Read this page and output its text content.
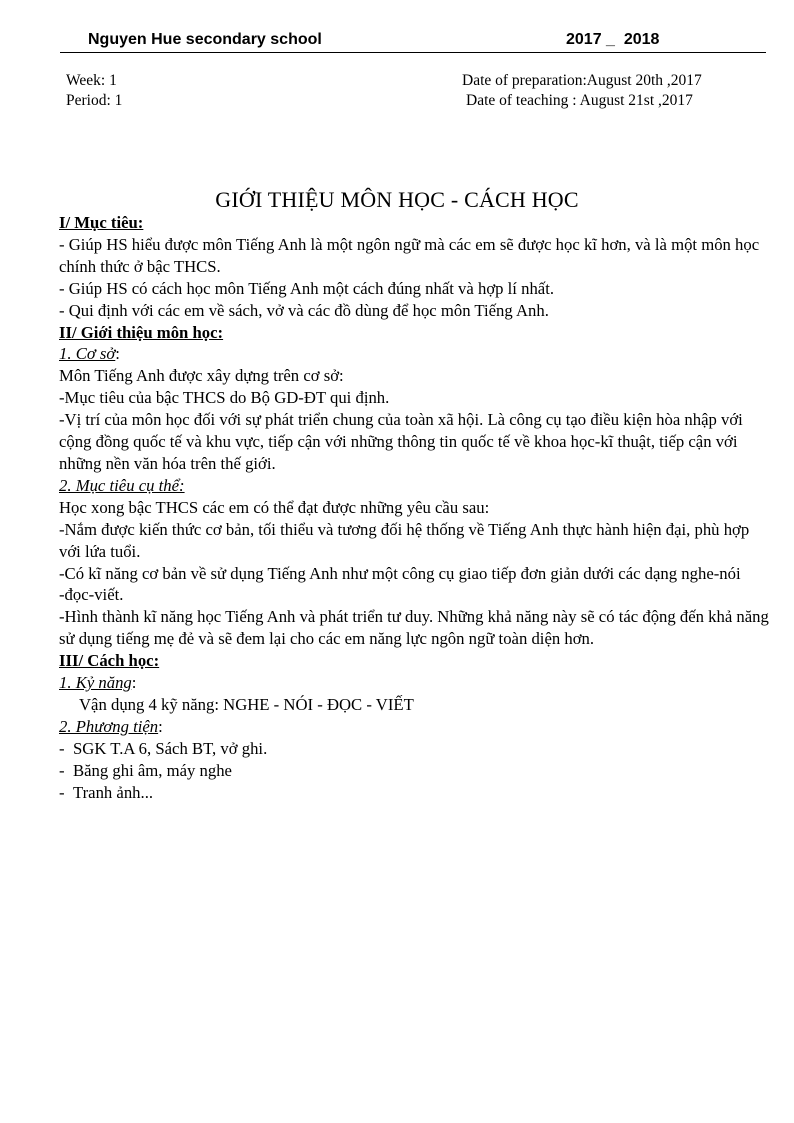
Nguyen Hue secondary school	2017 _  2018
Week: 1
Period: 1
Date of preparation:August 20th ,2017
Date of teaching : August 21st ,2017
GIỚI THIỆU MÔN HỌC - CÁCH HỌC

I/ Mục tiêu:

- Giúp HS hiểu được môn Tiếng Anh là một ngôn ngữ mà các em sẽ được học kĩ hơn, và là một môn học chính thức ở bậc THCS.

- Giúp HS có cách học môn Tiếng Anh một cách đúng nhất và hợp lí nhất.

- Qui định với các em về sách, vở và các đồ dùng để học môn Tiếng Anh.

II/ Giới thiệu môn học:

1. Cơ sở:

Môn Tiếng Anh được xây dựng trên cơ sở:

-Mục tiêu của bậc THCS do Bộ GD-ĐT qui định.

-Vị trí của môn học đối với sự phát triển chung của toàn xã hội. Là công cụ tạo điều kiện hòa nhập với cộng đồng quốc tế và khu vực, tiếp cận với những thông tin quốc tế về khoa học-kĩ thuật, tiếp cận với những nền văn hóa trên thế giới.

2. Mục tiêu cụ thể:

Học xong bậc THCS các em có thể đạt được những yêu cầu sau:

-Nắm được kiến thức cơ bản, tối thiểu và tương đối hệ thống về Tiếng Anh thực hành hiện đại, phù hợp với lứa tuổi.

-Có kĩ năng cơ bản về sử dụng Tiếng Anh như một công cụ giao tiếp đơn giản dưới các dạng nghe-nói -đọc-viết.

-Hình thành kĩ năng học Tiếng Anh và phát triển tư duy. Những khả năng này sẽ có tác động đến khả năng sử dụng tiếng mẹ đẻ và sẽ đem lại cho các em năng lực ngôn ngữ toàn diện hơn.

III/ Cách học:

1. Kỷ năng:

Vận dụng 4 kỹ năng: NGHE - NÓI - ĐỌC - VIẾT

2. Phương tiện:

- SGK T.A 6, Sách BT, vở ghi.

- Băng ghi âm, máy nghe

- Tranh ảnh...
